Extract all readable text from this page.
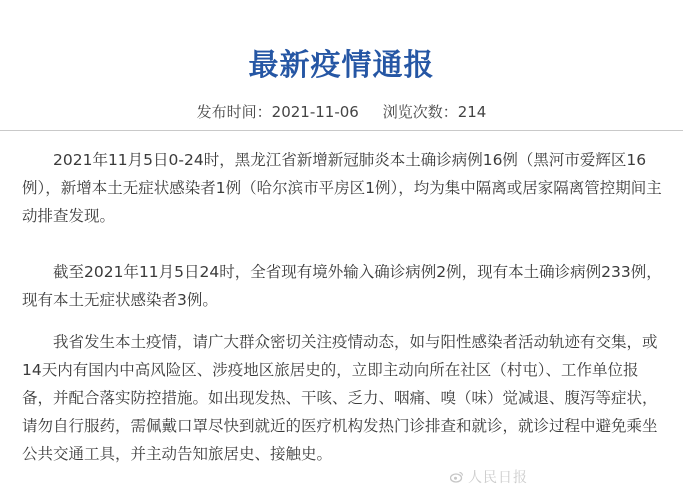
最新疫情通报
发布时间：2021-11-06 浏览次数：214

2021年11月5日0-24时，黑龙江省新增新冠肺炎本土确诊病例16例（黑河市爱辉区16例），新增本土无症状感染者1例（哈尔滨市平房区1例），均为集中隔离或居家隔离管控期间主动排查发现。

截至2021年11月5日24时，全省现有境外输入确诊病例2例，现有本土确诊病例233例，现有本土无症状感染者3例。

我省发生本土疫情，请广大群众密切关注疫情动态，如与阳性感染者活动轨迹有交集，或14天内有国内中高风险区、涉疫地区旅居史的，立即主动向所在社区（村屯）、工作单位报备，并配合落实防控措施。如出现发热、干咳、乏力、咽痛、嗅（味）觉减退、腹泻等症状，请勿自行服药，需佩戴口罩尽快到就近的医疗机构发热门诊排查和就诊，就诊过程中避免乘坐公共交通工具，并主动告知旅居史、接触史。

人民日报
